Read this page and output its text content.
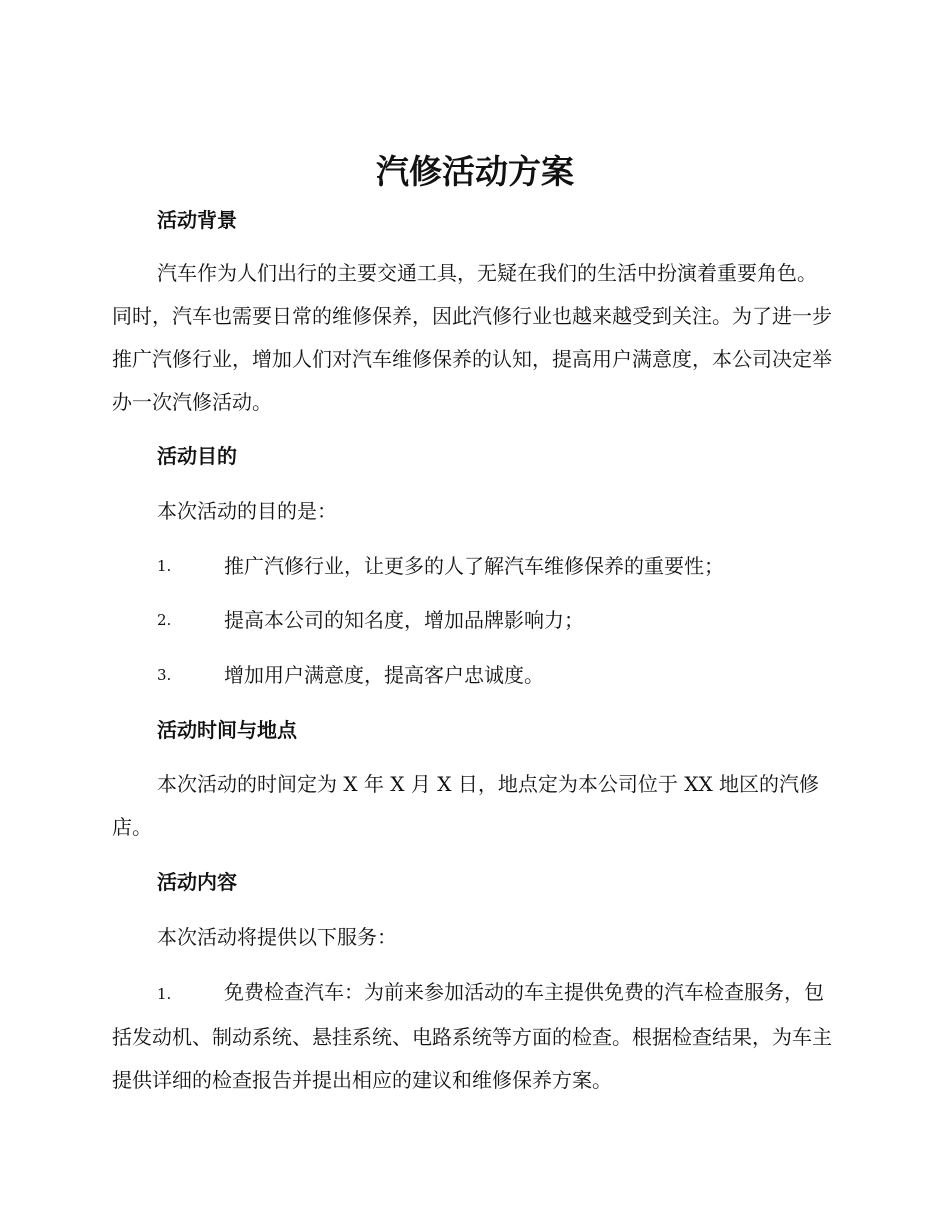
汽修活动方案
活动背景

汽车作为人们出行的主要交通工具，无疑在我们的生活中扮演着重要角色。同时，汽车也需要日常的维修保养，因此汽修行业也越来越受到关注。为了进一步推广汽修行业，增加人们对汽车维修保养的认知，提高用户满意度，本公司决定举办一次汽修活动。

活动目的

本次活动的目的是：

1.	推广汽修行业，让更多的人了解汽车维修保养的重要性；
2.	提高本公司的知名度，增加品牌影响力；
3.	增加用户满意度，提高客户忠诚度。
活动时间与地点

本次活动的时间定为 X 年 X 月 X 日，地点定为本公司位于 XX 地区的汽修店。

活动内容

本次活动将提供以下服务：

1.	免费检查汽车：为前来参加活动的车主提供免费的汽车检查服务，包括发动机、制动系统、悬挂系统、电路系统等方面的检查。根据检查结果，为车主提供详细的检查报告并提出相应的建议和维修保养方案。
